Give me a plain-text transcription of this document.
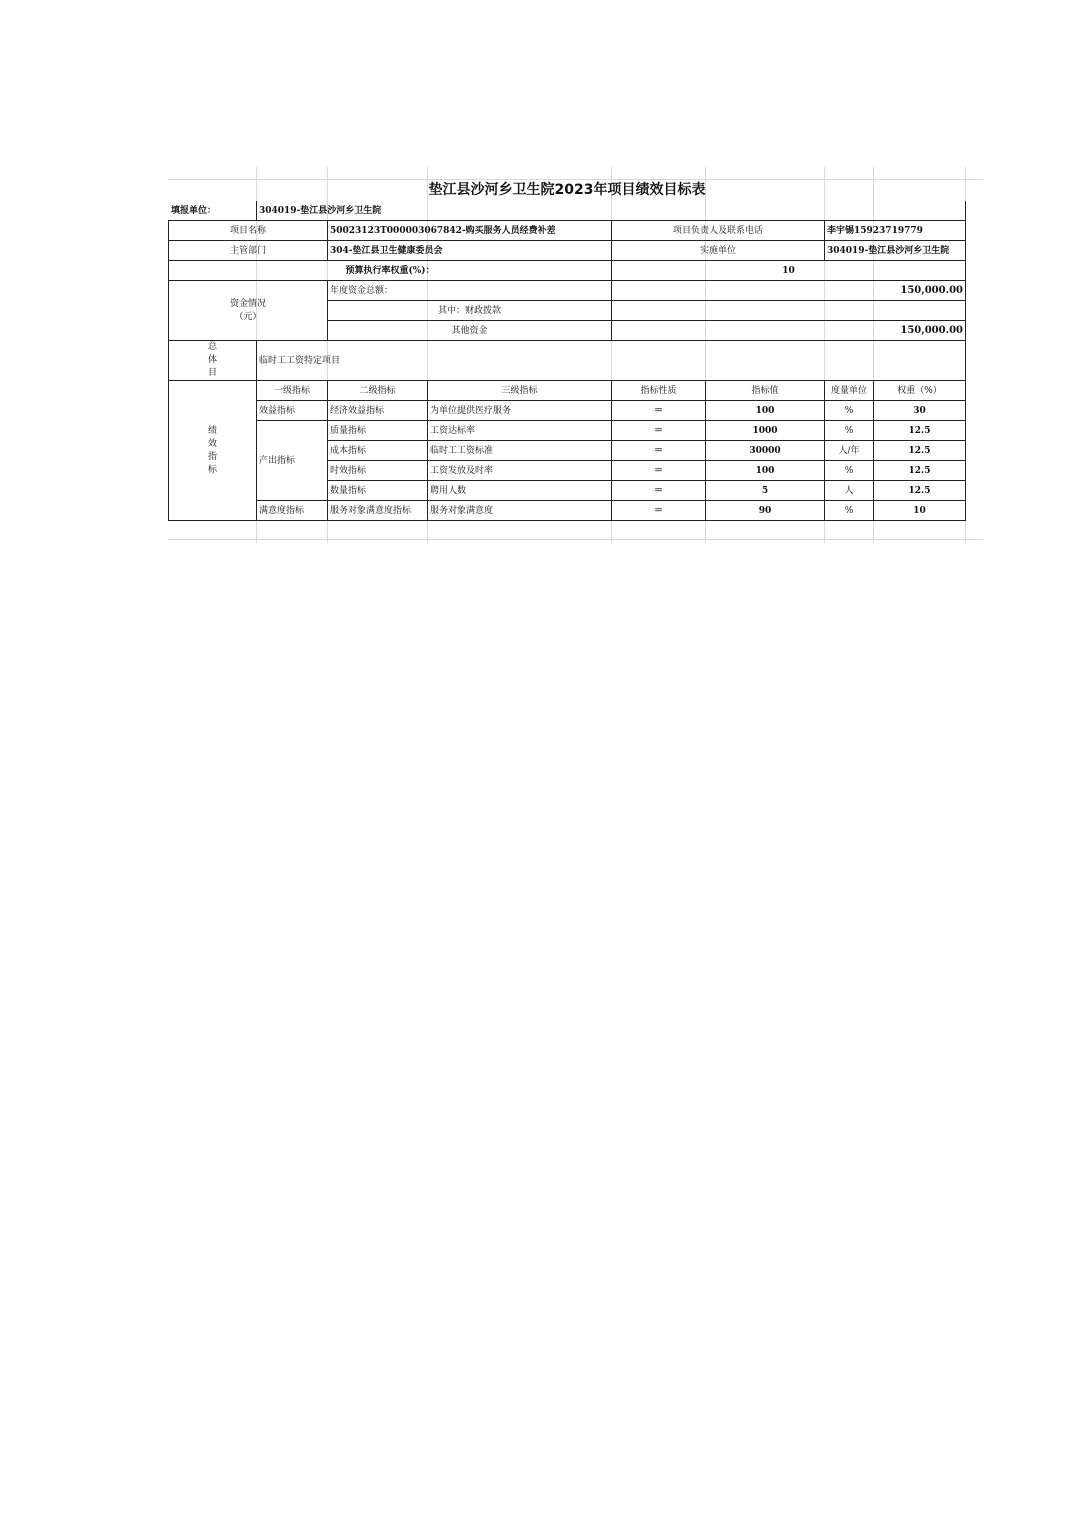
垫江县沙河乡卫生院2023年项目绩效目标表							
填报单位：	304019-垫江县沙河乡卫生院						
项目名称		50023123T000003067842-购买服务人员经费补差		项目负责人及联系电话		李宇锡15923719779	
主管部门		304-垫江县卫生健康委员会		实施单位		304019-垫江县沙河乡卫生院	
预算执行率权重(%)：				10			

资金情况
（元）		年度资金总额：		150,000.00			
		其中：财政拨款					
		其他资金		150,000.00			

总
体
目	临时工工资特定项目						

绩
效
指
标	一级指标	二级指标	三级指标	指标性质	指标值	度量单位	权重（%）
	效益指标	经济效益指标	为单位提供医疗服务	＝	100	%	30
	产出指标	质量指标	工资达标率	＝	1000	%	12.5
		成本指标	临时工工资标准	＝	30000	人/年	12.5
		时效指标	工资发放及时率	＝	100	%	12.5
		数量指标	聘用人数	＝	5	人	12.5
	满意度指标	服务对象满意度指标	服务对象满意度	＝	90	%	10
